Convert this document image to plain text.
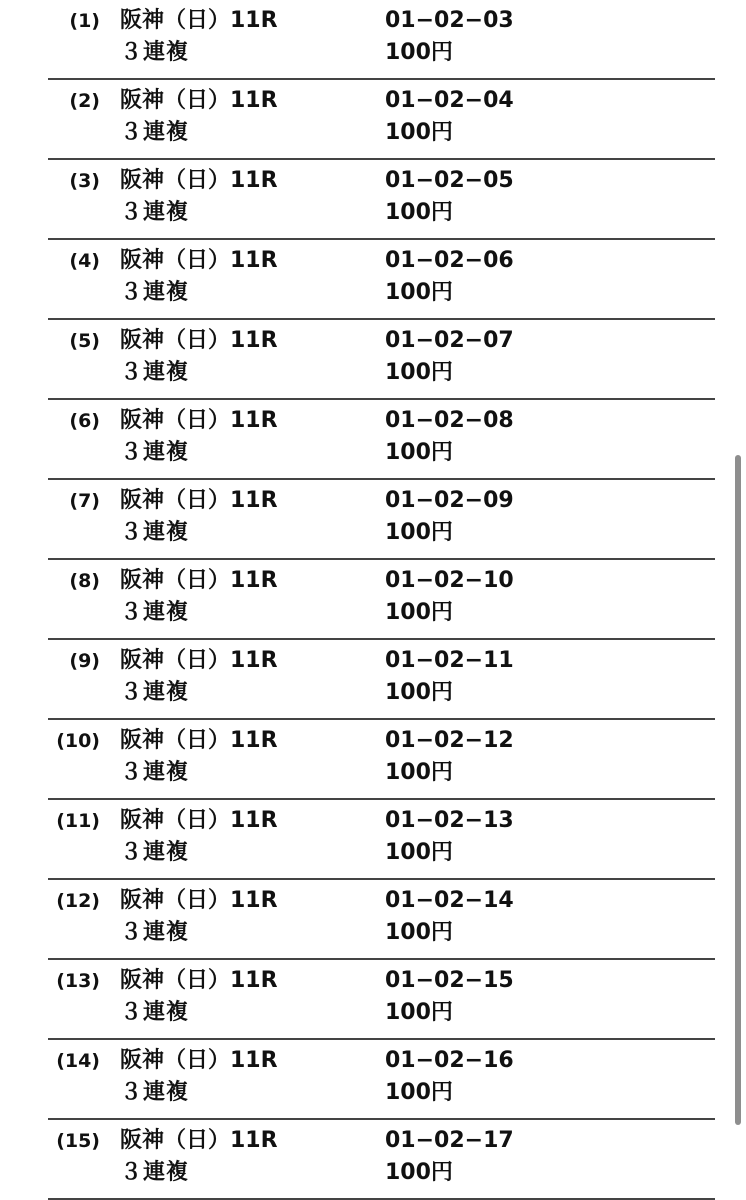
(1) 阪神（日）11R
３連複
01−02−03
100円
(2) 阪神（日）11R
３連複
01−02−04
100円
(3) 阪神（日）11R
３連複
01−02−05
100円
(4) 阪神（日）11R
３連複
01−02−06
100円
(5) 阪神（日）11R
３連複
01−02−07
100円
(6) 阪神（日）11R
３連複
01−02−08
100円
(7) 阪神（日）11R
３連複
01−02−09
100円
(8) 阪神（日）11R
３連複
01−02−10
100円
(9) 阪神（日）11R
３連複
01−02−11
100円
(10) 阪神（日）11R
３連複
01−02−12
100円
(11) 阪神（日）11R
３連複
01−02−13
100円
(12) 阪神（日）11R
３連複
01−02−14
100円
(13) 阪神（日）11R
３連複
01−02−15
100円
(14) 阪神（日）11R
３連複
01−02−16
100円
(15) 阪神（日）11R
３連複
01−02−17
100円
